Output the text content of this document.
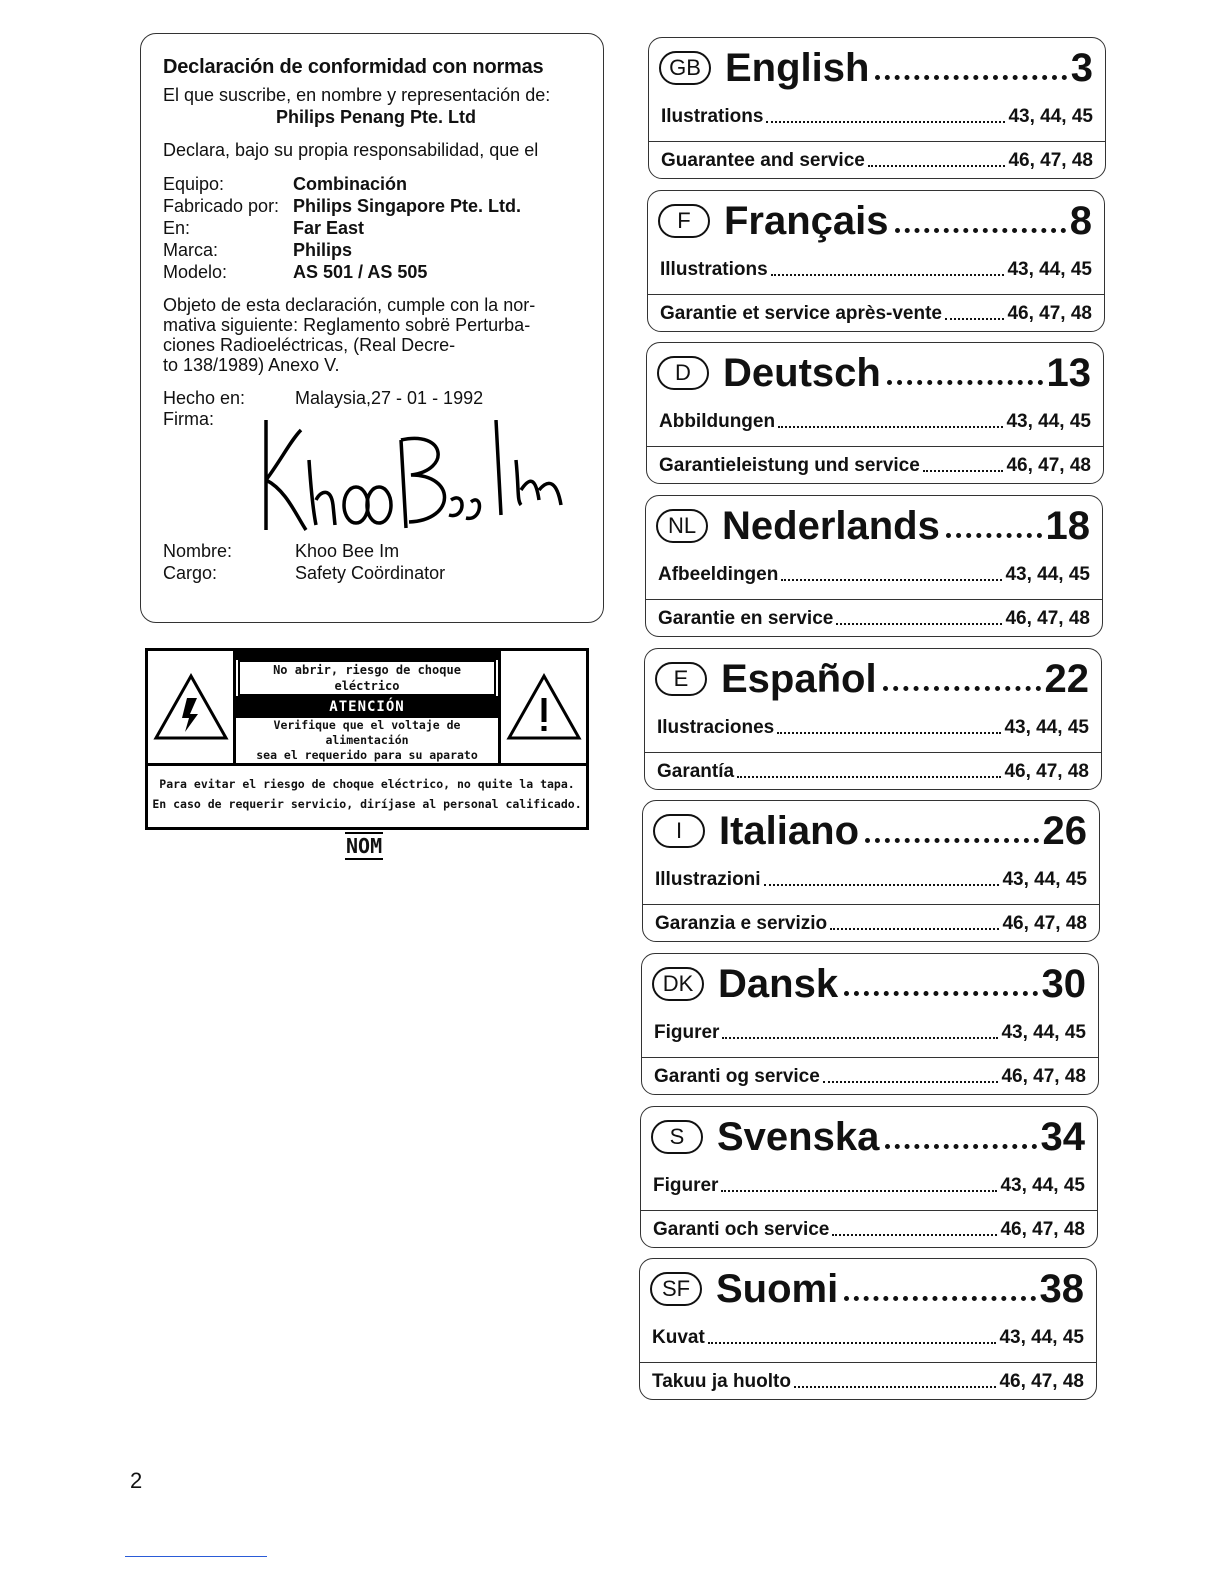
Declaración de conformidad con normas
El que suscribe, en nombre y representación de:
Philips Penang Pte. Ltd
Declara, bajo su propia responsabilidad, que el
Equipo:	Combinación
Fabricado por: Philips Singapore Pte. Ltd.
En:	Far East
Marca:	Philips
Modelo:	AS 501 / AS 505
Objeto de esta declaración, cumple con la nor-
mativa siguiente: Reglamento sobrë Perturba-
ciones Radioeléctricas, (Real Decre-
to 138/1989) Anexo V.
Hecho en:	Malaysia,27 - 01 - 1992
Firma:
Nombre:	Khoo Bee Im
Cargo:	Safety Coördinator
No abrir, riesgo de choque eléctrico
ATENCIÓN
Verifique que el voltaje de alimentación
sea el requerido para su aparato
Para evitar el riesgo de choque eléctrico, no quite la tapa.
En caso de requerir servicio, diríjase al personal calificado.
NOM
GB English	3
Ilustrations	43, 44, 45
Guarantee and service	46, 47, 48
F Français	8
Illustrations	43, 44, 45
Garantie et service après-vente	46, 47, 48
D Deutsch	13
Abbildungen	43, 44, 45
Garantieleistung und service	46, 47, 48
NL Nederlands	18
Afbeeldingen	43, 44, 45
Garantie en service	46, 47, 48
E Español	22
Ilustraciones	43, 44, 45
Garantía	46, 47, 48
I Italiano	26
Illustrazioni	43, 44, 45
Garanzia e servizio	46, 47, 48
DK Dansk	30
Figurer	43, 44, 45
Garanti og service	46, 47, 48
S Svenska	34
Figurer	43, 44, 45
Garanti och service	46, 47, 48
SF Suomi	38
Kuvat	43, 44, 45
Takuu ja huolto	46, 47, 48
2
